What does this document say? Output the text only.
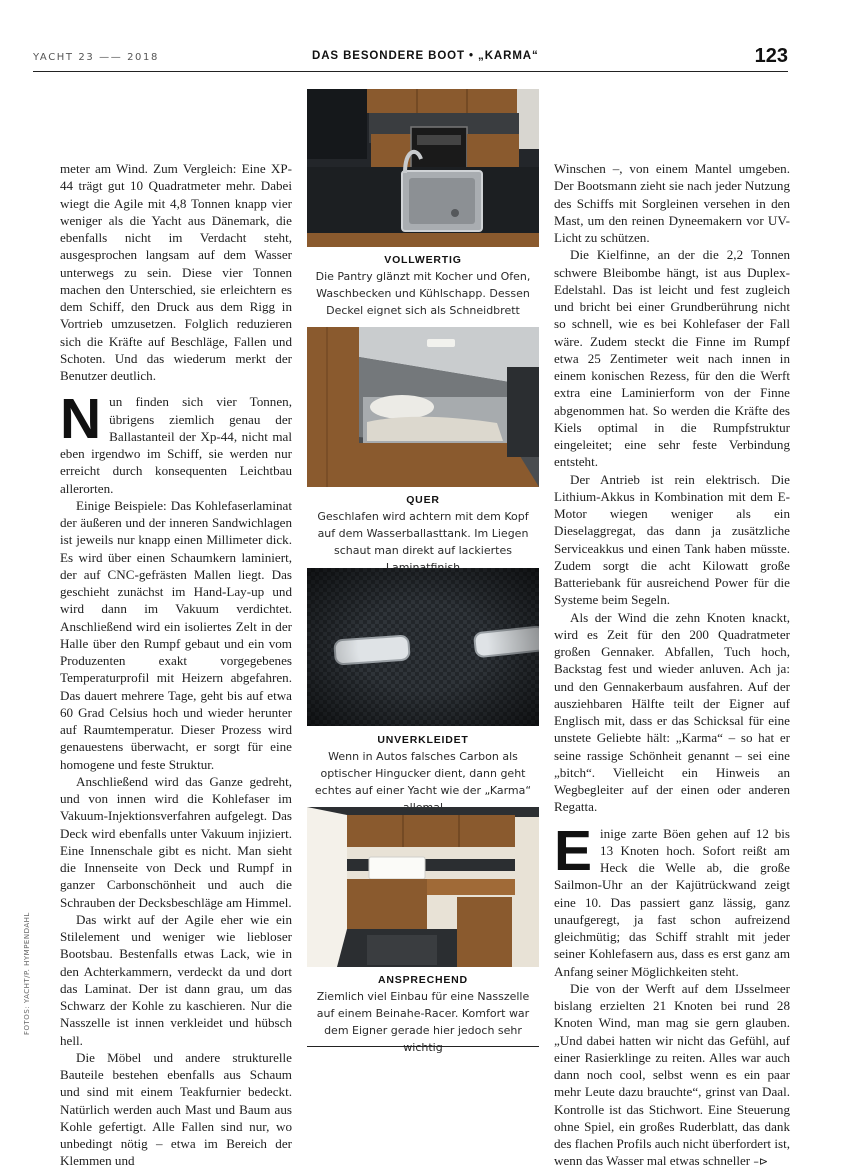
YACHT 23 —— 2018	DAS BESONDERE BOOT • „KARMA“	123

meter am Wind. Zum Vergleich: Eine XP-44 trägt gut 10 Quadratmeter mehr. Dabei wiegt die Agile mit 4,8 Tonnen knapp vier weniger als die Yacht aus Dänemark, die ebenfalls nicht im Verdacht steht, ausgesprochen langsam auf dem Wasser unterwegs zu sein. Diese vier Tonnen machen den Unterschied, sie erleichtern es dem Schiff, den Druck aus dem Rigg in Vortrieb umzusetzen. Folglich reduzieren sich die Kräfte auf Beschläge, Fallen und Schoten. Und das wiederum merkt der Benutzer deutlich.

Nun finden sich vier Tonnen, übrigens ziemlich genau der Ballastanteil der Xp-44, nicht mal eben irgendwo im Schiff, sie werden nur erreicht durch konsequenten Leichtbau allerorten.

Einige Beispiele: Das Kohlefaserlaminat der äußeren und der inneren Sandwichlagen ist jeweils nur knapp einen Millimeter dick. Es wird über einen Schaumkern laminiert, der auf CNC-gefrästen Mallen liegt. Das geschieht zunächst im Hand-Lay-up und wird dann im Vakuum verdichtet. Anschließend wird ein isoliertes Zelt in der Halle über den Rumpf gebaut und ein vom Produzenten exakt vorgegebenes Temperaturprofil mit Heizern abgefahren. Das dauert mehrere Tage, geht bis auf etwa 60 Grad Celsius hoch und wieder herunter auf Raumtemperatur. Dieser Prozess wird genauestens überwacht, er sorgt für eine homogene und feste Struktur.

Anschließend wird das Ganze gedreht, und von innen wird die Kohlefaser im Vakuum-Injektionsverfahren aufgelegt. Das Deck wird ebenfalls unter Vakuum injiziert. Eine Innenschale gibt es nicht. Man sieht die Innenseite von Deck und Rumpf in ganzer Carbonschönheit und auch die Schrauben der Decksbeschläge am Himmel.

Das wirkt auf der Agile eher wie ein Stilelement und weniger wie liebloser Bootsbau. Bestenfalls etwas Lack, wie in den Achterkammern, verdeckt da und dort das Laminat. Der ist dann grau, um das Schwarz der Kohle zu kaschieren. Nur die Nasszelle ist innen verkleidet und hübsch hell.

Die Möbel und andere strukturelle Bauteile bestehen ebenfalls aus Schaum und sind mit einem Teakfurnier bedeckt. Natürlich werden auch Mast und Baum aus Kohle gefertigt. Alle Fallen sind nur, wo unbedingt nötig – etwa im Bereich der Klemmen und

VOLLWERTIG
Die Pantry glänzt mit Kocher und Ofen, Waschbecken und Kühlschapp. Dessen Deckel eignet sich als Schneidbrett
QUER
Geschlafen wird achtern mit dem Kopf auf dem Wasserballasttank. Im Liegen schaut man direkt auf lackiertes
UNVERKLEIDET
Wenn in Autos falsches Carbon als optischer Hingucker dient, dann geht echtes auf einer Yacht wie der „Karma“
ANSPRECHEND
Ziemlich viel Einbau für eine Nasszelle auf einem Beinahe-Racer. Komfort war dem Eigner gerade hier jedoch sehr wichtig

Winschen –, von einem Mantel umgeben. Der Bootsmann zieht sie nach jeder Nutzung des Schiffs mit Sorgleinen versehen in den Mast, um den reinen Dyneemakern vor UV-Licht zu schützen.

Die Kielfinne, an der die 2,2 Tonnen schwere Bleibombe hängt, ist aus Duplex-Edelstahl. Das ist leicht und fest zugleich und bricht bei einer Grundberührung nicht so schnell, wie es bei Kohlefaser der Fall wäre. Zudem steckt die Finne im Rumpf etwa 25 Zentimeter weit nach innen in einem konischen Rezess, für den die Werft extra eine Laminierform von der Finne abgenommen hat. So werden die Kräfte des Kiels optimal in die Rumpfstruktur eingeleitet; eine sehr feste Verbindung entsteht.

Der Antrieb ist rein elektrisch. Die Lithium-Akkus in Kombination mit dem E-Motor wiegen weniger als ein Dieselaggregat, das dann ja zusätzliche Serviceakkus und einen Tank haben müsste. Zudem sorgt die acht Kilowatt große Batteriebank für ausreichend Power für die Systeme beim Segeln.

Als der Wind die zehn Knoten knackt, wird es Zeit für den 200 Quadratmeter großen Gennaker. Abfallen, Tuch hoch, Backstag fest und wieder anluven. Ach ja: und den Gennakerbaum ausfahren. Auf der ausziehbaren Hälfte teilt der Eigner auf Englisch mit, dass er das Schicksal für eine unstete Geliebte hält: „Karma“ – so hat er seine rassige Schönheit genannt – sei eine „bitch“. Vielleicht ein Hinweis an Wegbegleiter auf der einen oder anderen Regatta.

Einige zarte Böen gehen auf 12 bis 13 Knoten hoch. Sofort reißt am Heck die Welle ab, die große Sailmon-Uhr an der Kajütrückwand zeigt eine 10. Das passiert ganz lässig, ganz unaufgeregt, ja fast schon aufreizend gleichmütig; das Schiff strahlt mit jeder seiner Kohlefasern aus, dass es erst ganz am Anfang seiner Möglichkeiten steht.

Die von der Werft auf dem IJsselmeer bislang erzielten 21 Knoten bei rund 28 Knoten Wind, man mag sie gern glauben. „Und dabei hatten wir nicht das Gefühl, auf einer Rasierklinge zu reiten. Alles war auch dann noch cool, selbst wenn es ein paar mehr Leute dazu brauchte“, grinst van Daal. Kontrolle ist das Stichwort. Eine Steuerung ohne Spiel, ein großes Ruderblatt, das dank des flachen Profils auch nicht überfordert ist, wenn das Wasser mal etwas schneller –⊳

FOTOS: YACHT/P. HYMPENDAHL
